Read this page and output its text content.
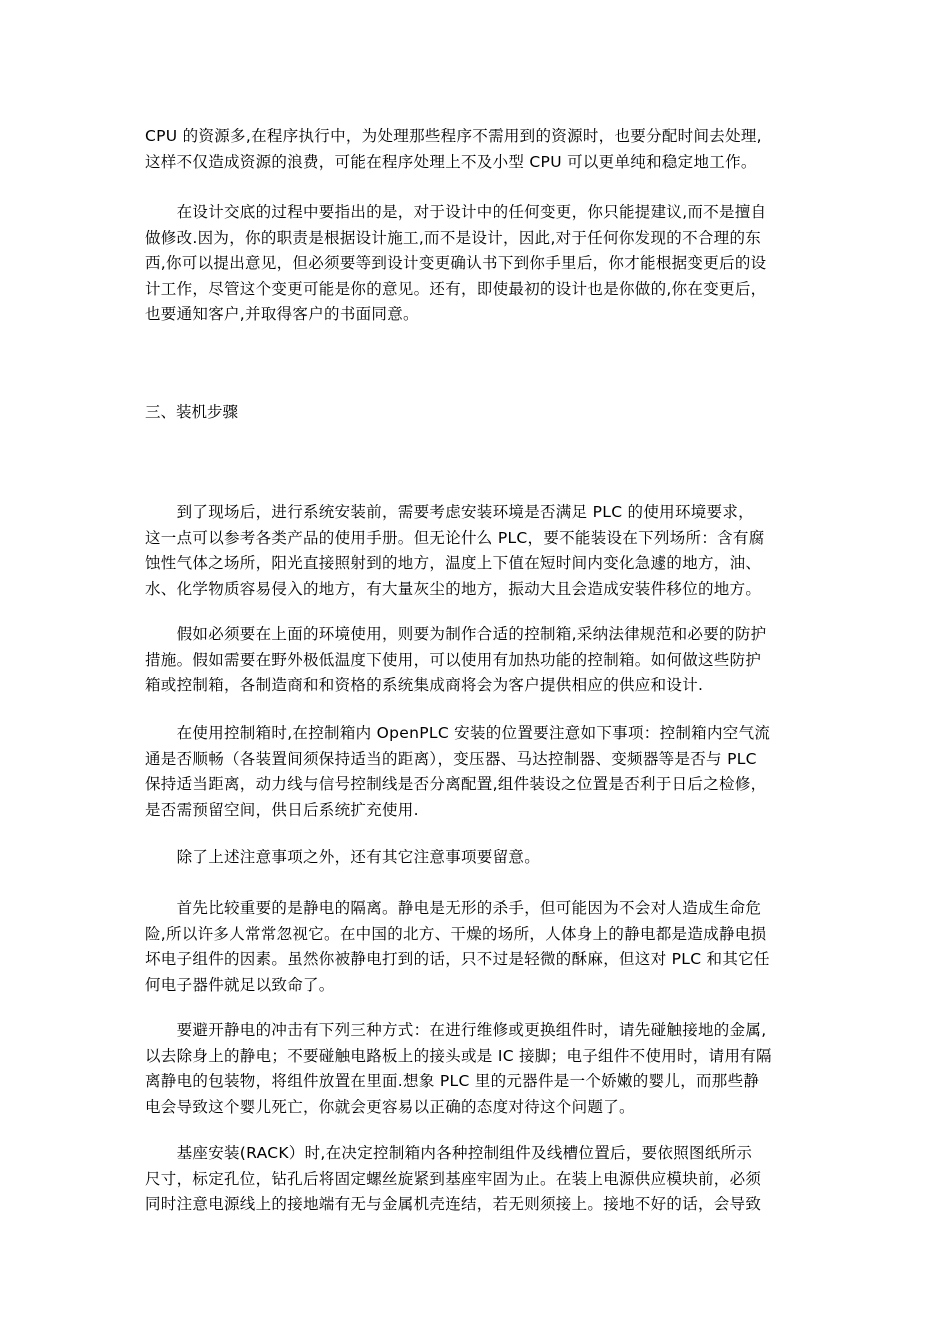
CPU 的资源多,在程序执行中，为处理那些程序不需用到的资源时，也要分配时间去处理,

这样不仅造成资源的浪费，可能在程序处理上不及小型 CPU 可以更单纯和稳定地工作。

　　在设计交底的过程中要指出的是，对于设计中的任何变更，你只能提建议,而不是擅自

做修改.因为，你的职责是根据设计施工,而不是设计，因此,对于任何你发现的不合理的东

西,你可以提出意见，但必须要等到设计变更确认书下到你手里后，你才能根据变更后的设

计工作，尽管这个变更可能是你的意见。还有，即使最初的设计也是你做的,你在变更后，

也要通知客户,并取得客户的书面同意。

三、装机步骤

　　到了现场后，进行系统安装前，需要考虑安装环境是否满足 PLC 的使用环境要求，

这一点可以参考各类产品的使用手册。但无论什么 PLC，要不能装设在下列场所：含有腐

蚀性气体之场所，阳光直接照射到的地方，温度上下值在短时间内变化急遽的地方，油、

水、化学物质容易侵入的地方，有大量灰尘的地方，振动大且会造成安装件移位的地方。

　　假如必须要在上面的环境使用，则要为制作合适的控制箱,采纳法律规范和必要的防护

措施。假如需要在野外极低温度下使用，可以使用有加热功能的控制箱。如何做这些防护

箱或控制箱，各制造商和和资格的系统集成商将会为客户提供相应的供应和设计.

　　在使用控制箱时,在控制箱内 OpenPLC 安装的位置要注意如下事项：控制箱内空气流

通是否顺畅（各装置间须保持适当的距离），变压器、马达控制器、变频器等是否与 PLC

保持适当距离，动力线与信号控制线是否分离配置,组件装设之位置是否利于日后之检修，

是否需预留空间，供日后系统扩充使用.

　　除了上述注意事项之外，还有其它注意事项要留意。

　　首先比较重要的是静电的隔离。静电是无形的杀手，但可能因为不会对人造成生命危

险,所以许多人常常忽视它。在中国的北方、干燥的场所，人体身上的静电都是造成静电损

坏电子组件的因素。虽然你被静电打到的话，只不过是轻微的酥麻，但这对 PLC 和其它任

何电子器件就足以致命了。

　　要避开静电的冲击有下列三种方式：在进行维修或更换组件时，请先碰触接地的金属,

以去除身上的静电；不要碰触电路板上的接头或是 IC 接脚；电子组件不使用时，请用有隔

离静电的包装物，将组件放置在里面.想象 PLC 里的元器件是一个娇嫩的婴儿，而那些静

电会导致这个婴儿死亡，你就会更容易以正确的态度对待这个问题了。

　　基座安装(RACK）时,在决定控制箱内各种控制组件及线槽位置后，要依照图纸所示

尺寸，标定孔位，钻孔后将固定螺丝旋紧到基座牢固为止。在装上电源供应模块前，必须

同时注意电源线上的接地端有无与金属机壳连结，若无则须接上。接地不好的话，会导致
